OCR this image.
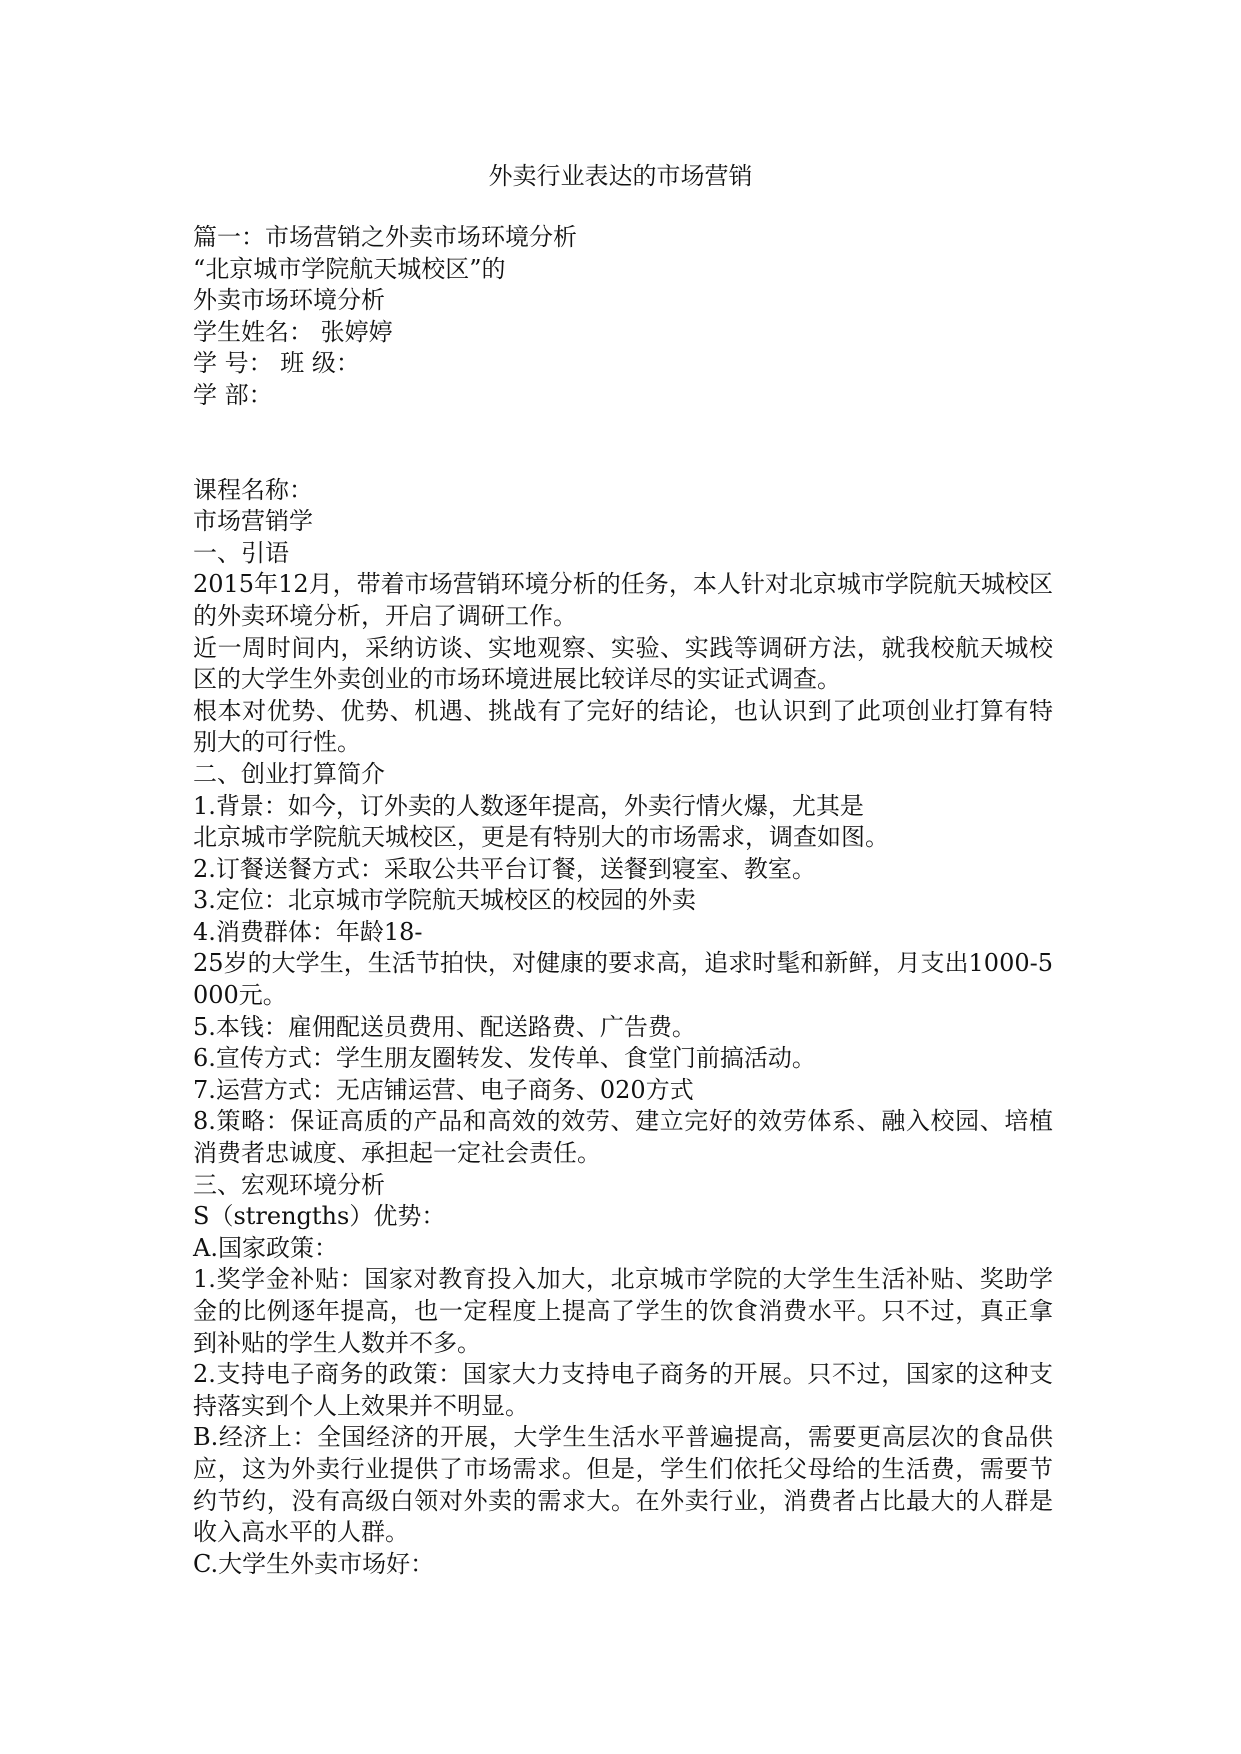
外卖行业表达的市场营销
篇一：市场营销之外卖市场环境分析
“北京城市学院航天城校区”的
外卖市场环境分析
学生姓名： 张婷婷
学 号： 班 级：
学 部：
课程名称：
市场营销学
一、引语

2015年12月，带着市场营销环境分析的任务，本人针对北京城市学院航天城校区的外卖环境分析，开启了调研工作。

近一周时间内，采纳访谈、实地观察、实验、实践等调研方法，就我校航天城校区的大学生外卖创业的市场环境进展比较详尽的实证式调查。

根本对优势、优势、机遇、挑战有了完好的结论，也认识到了此项创业打算有特别大的可行性。

二、创业打算简介
1.背景：如今，订外卖的人数逐年提高，外卖行情火爆，尤其是
北京城市学院航天城校区，更是有特别大的市场需求，调查如图。
2.订餐送餐方式：采取公共平台订餐，送餐到寝室、教室。
3.定位：北京城市学院航天城校区的校园的外卖
4.消费群体：年龄18-

25岁的大学生，生活节拍快，对健康的要求高，追求时髦和新鲜，月支出1000-5000元。

5.本钱：雇佣配送员费用、配送路费、广告费。
6.宣传方式：学生朋友圈转发、发传单、食堂门前搞活动。
7.运营方式：无店铺运营、电子商务、020方式

8.策略：保证高质的产品和高效的效劳、建立完好的效劳体系、融入校园、培植消费者忠诚度、承担起一定社会责任。

三、宏观环境分析
S（strengths）优势：
A.国家政策：

1.奖学金补贴：国家对教育投入加大，北京城市学院的大学生生活补贴、奖助学金的比例逐年提高，也一定程度上提高了学生的饮食消费水平。只不过，真正拿到补贴的学生人数并不多。

2.支持电子商务的政策：国家大力支持电子商务的开展。只不过，国家的这种支持落实到个人上效果并不明显。

B.经济上：全国经济的开展，大学生生活水平普遍提高，需要更高层次的食品供应，这为外卖行业提供了市场需求。但是，学生们依托父母给的生活费，需要节约节约，没有高级白领对外卖的需求大。在外卖行业，消费者占比最大的人群是收入高水平的人群。

C.大学生外卖市场好：
